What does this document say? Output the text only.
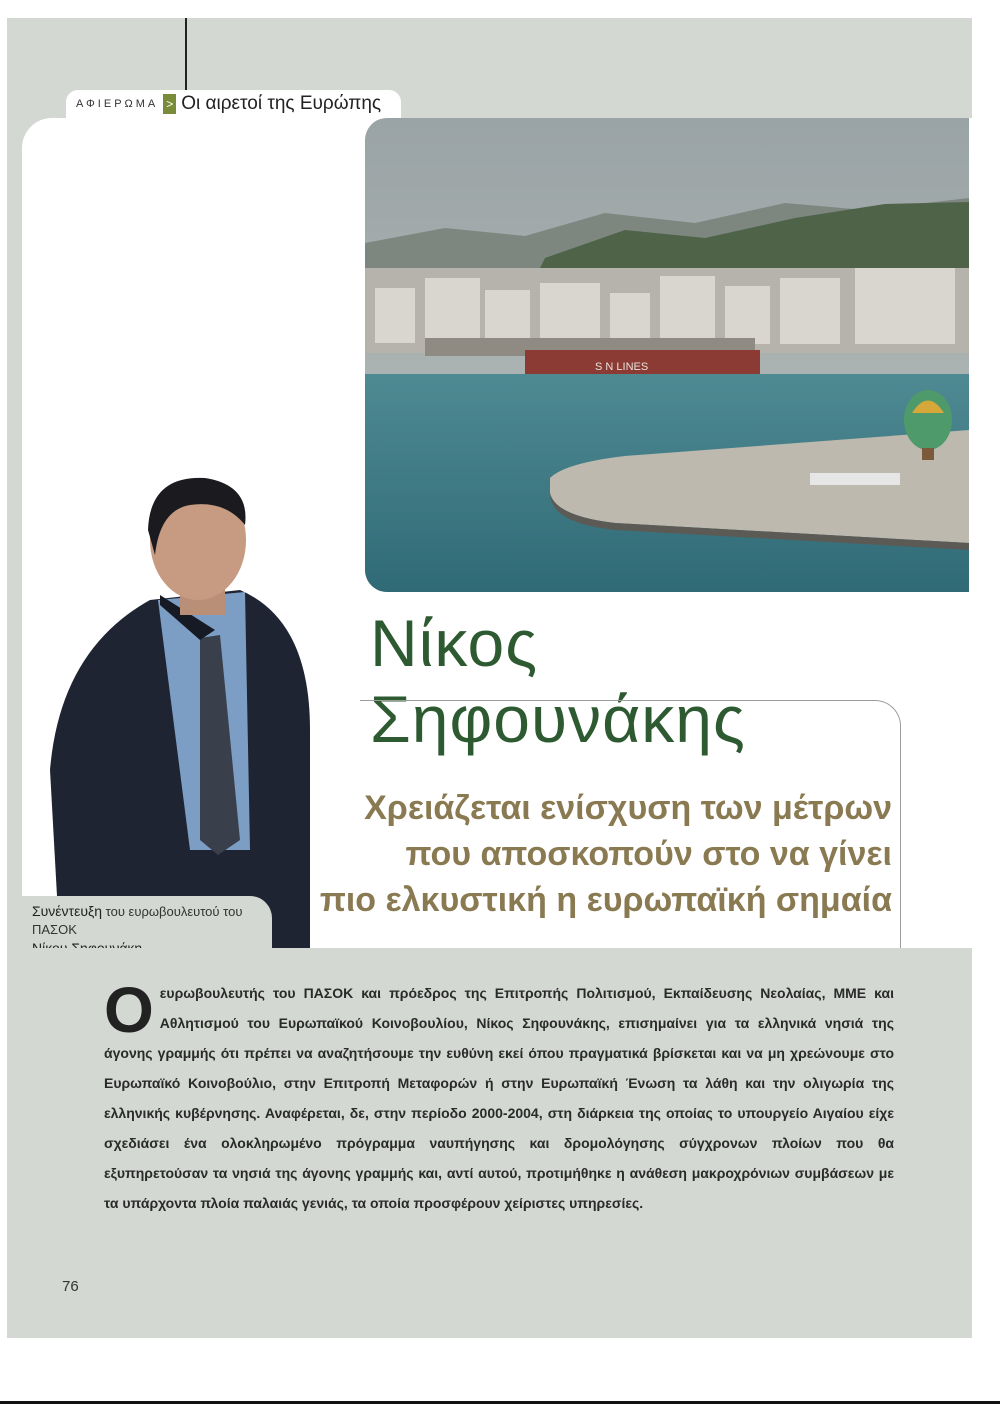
ΑΦΙΕΡΩΜΑ > Οι αιρετοί της Ευρώπης
S N LINES
Νίκος Σηφουνάκης
Χρειάζεται ενίσχυση των μέτρων
που αποσκοπούν στο να γίνει
πιο ελκυστική η ευρωπαϊκή σημαία
Συνέντευξη του ευρωβουλευτού του ΠΑΣΟΚ

Οευρωβουλευτής του ΠΑΣΟΚ και πρόεδρος της Επιτροπής Πολιτισμού, Εκπαίδευσης Νεολαίας, ΜΜΕ και Αθλητισμού του Ευρωπαϊκού Κοινοβουλίου, Νίκος Σηφουνάκης, επισημαίνει για τα ελληνικά νησιά της άγονης γραμμής ότι πρέπει να αναζητήσουμε την ευθύνη εκεί όπου πραγματικά βρίσκεται και να μη χρεώνουμε στο Ευρωπαϊκό Κοινοβούλιο, στην Επιτροπή Μεταφορών ή στην Ευρωπαϊκή Ένωση τα λάθη και την ολιγωρία της ελληνικής κυβέρνησης. Αναφέρεται, δε, στην περίοδο 2000-2004, στη διάρκεια της οποίας το υπουργείο Αιγαίου είχε σχεδιάσει ένα ολοκληρωμένο πρόγραμμα ναυπήγησης και δρομολόγησης σύγχρονων πλοίων που θα εξυπηρετούσαν τα νησιά της άγονης γραμμής και, αντί αυτού, προτιμήθηκε η ανάθεση μακροχρόνιων συμβάσεων με τα υπάρχοντα πλοία παλαιάς γενιάς, τα οποία προσφέρουν χείριστες υπηρεσίες.

76
